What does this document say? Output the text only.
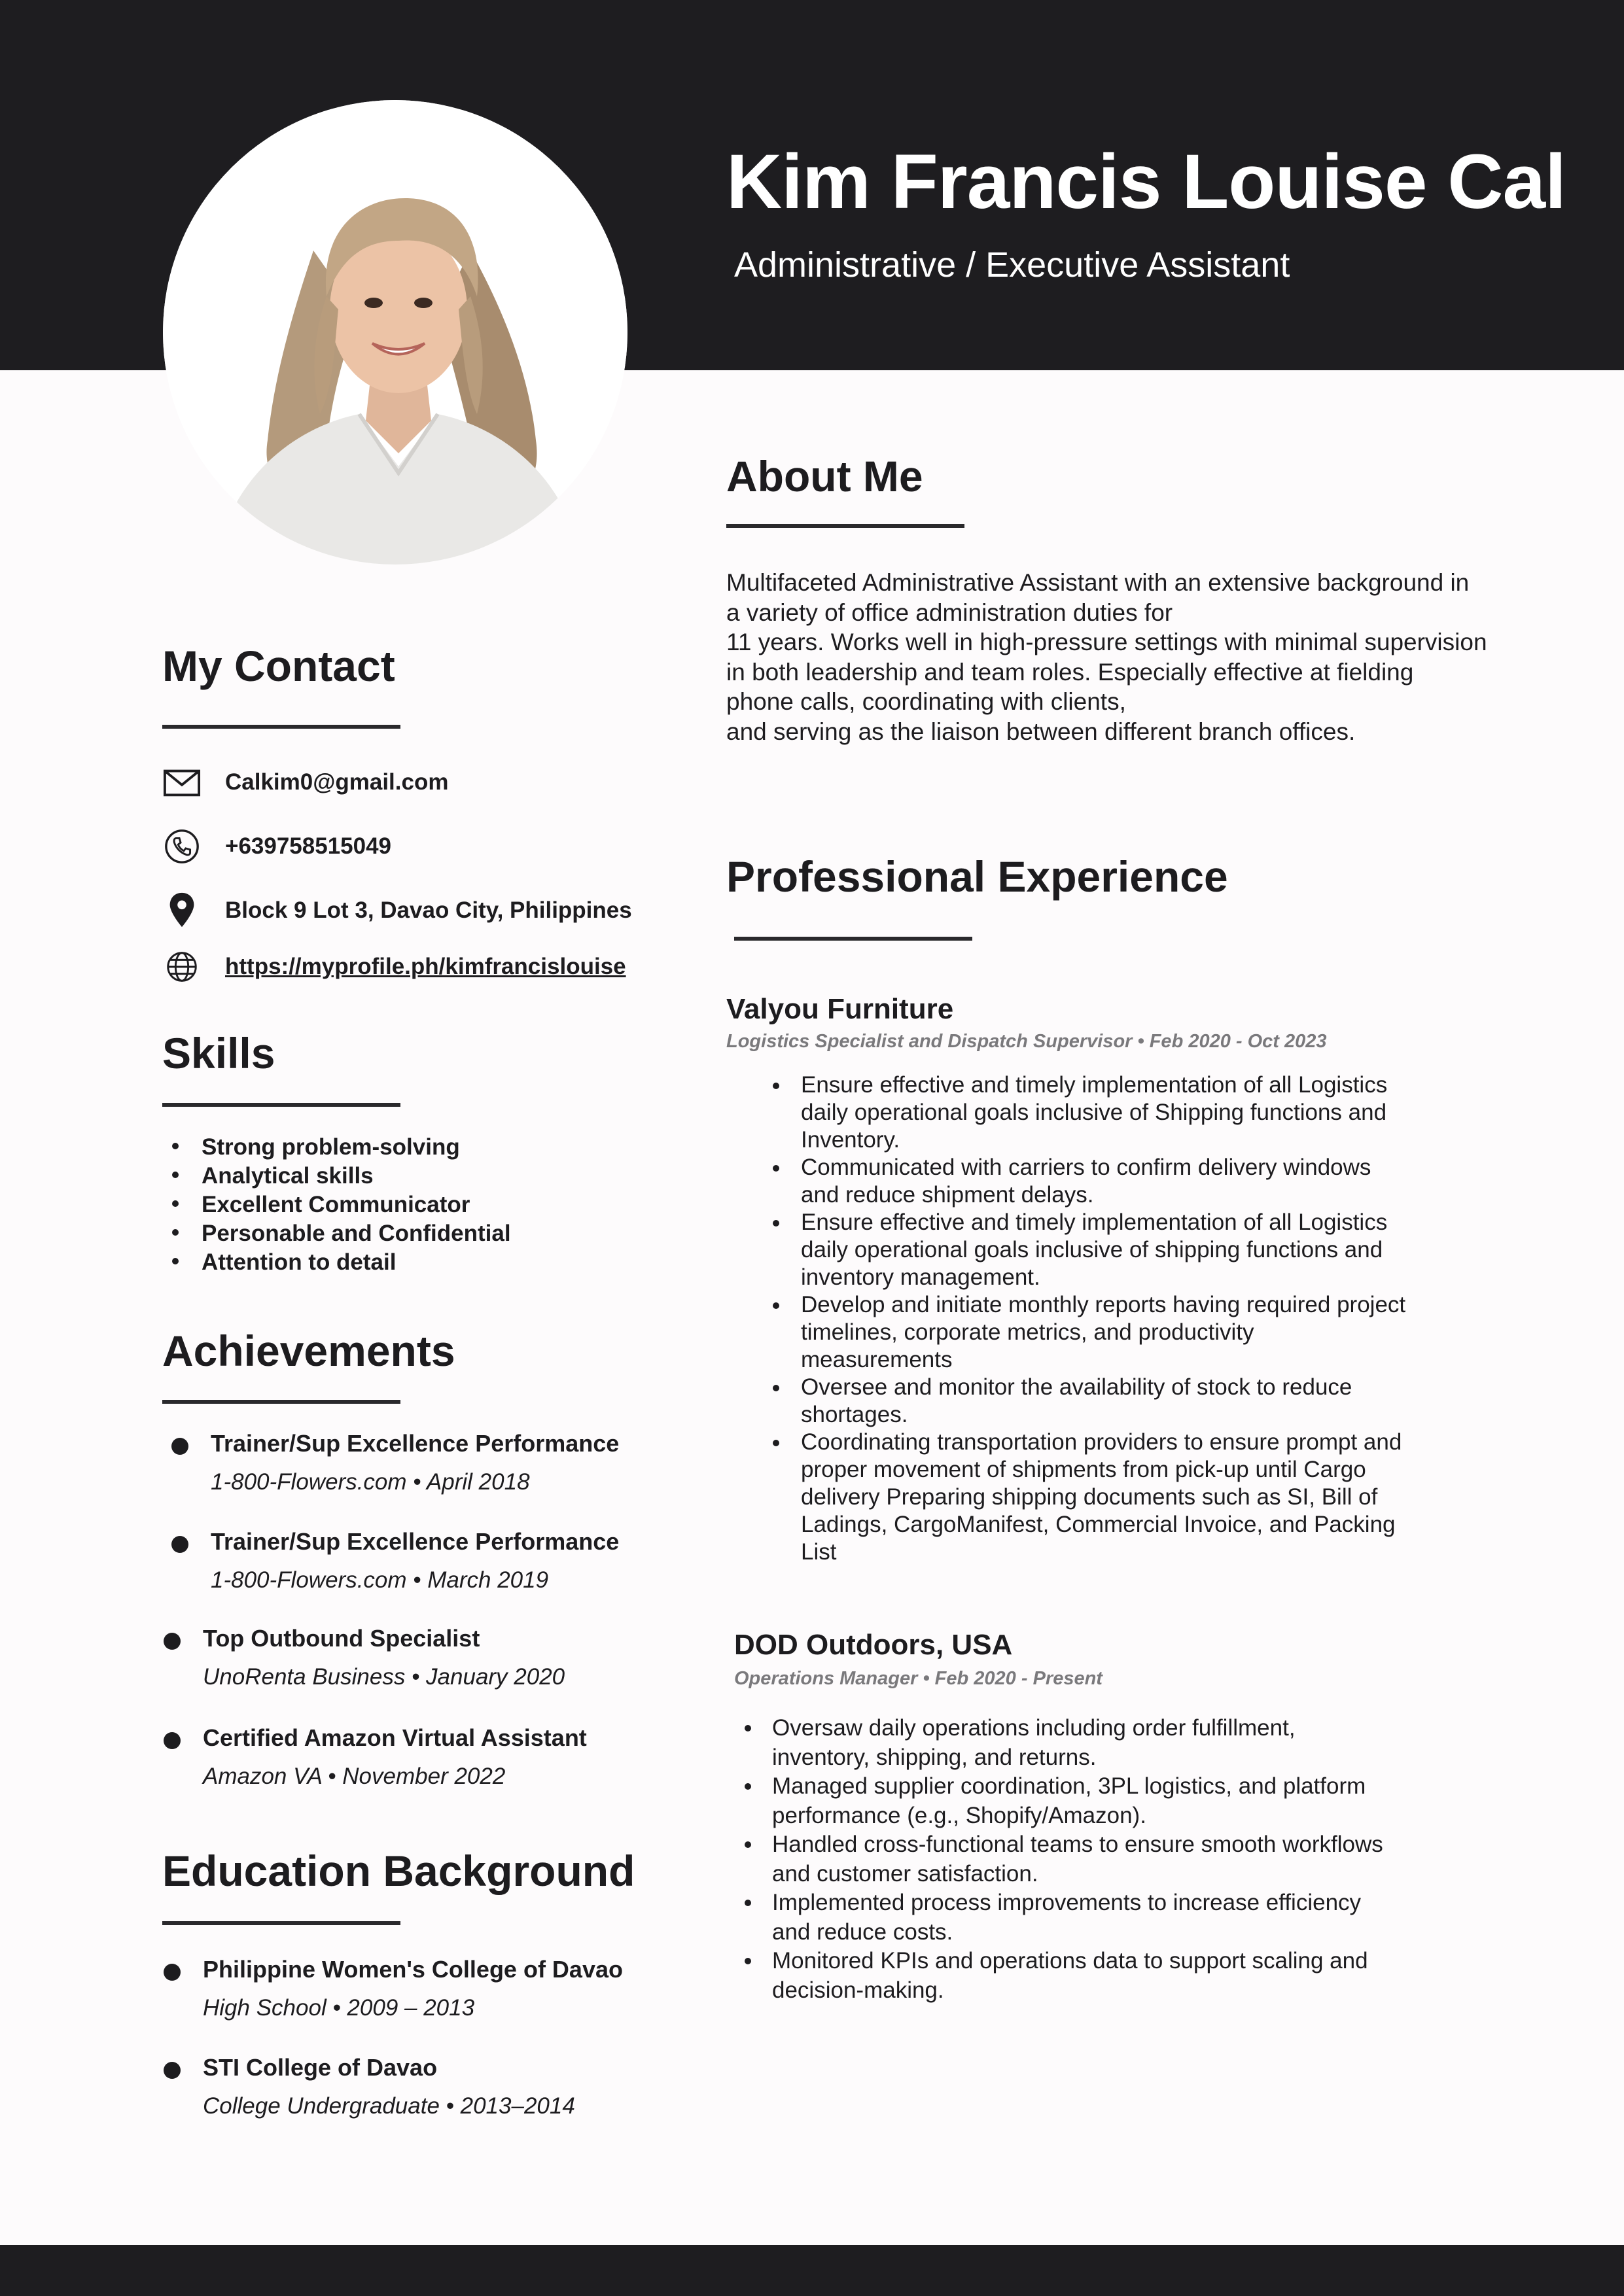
Kim Francis Louise Cal
Administrative / Executive Assistant
My Contact
Calkim0@gmail.com
+639758515049
Block 9 Lot 3, Davao City, Philippines
https://myprofile.ph/kimfrancislouise
Skills
Strong problem-solving
Analytical skills
Excellent Communicator
Personable and Confidential
Attention to detail
Achievements
Trainer/Sup Excellence Performance
1-800-Flowers.com • April 2018
Trainer/Sup Excellence Performance
1-800-Flowers.com • March 2019
Top Outbound Specialist
UnoRenta Business • January 2020
Certified Amazon Virtual Assistant
Amazon VA • November 2022
Education Background
Philippine Women's College of Davao
High School • 2009 – 2013
STI College of Davao
College Undergraduate • 2013–2014
About Me
Multifaceted Administrative Assistant with an extensive background in
a variety of office administration duties for
11 years. Works well in high-pressure settings with minimal supervision
in both leadership and team roles. Especially effective at fielding
phone calls, coordinating with clients,
and serving as the liaison between different branch offices.
Professional Experience
Valyou Furniture
Logistics Specialist and Dispatch Supervisor • Feb 2020 - Oct 2023
Ensure effective and timely implementation of all Logistics
daily operational goals inclusive of Shipping functions and
Inventory.
Communicated with carriers to confirm delivery windows
and reduce shipment delays.
Ensure effective and timely implementation of all Logistics
daily operational goals inclusive of shipping functions and
inventory management.
Develop and initiate monthly reports having required project
timelines, corporate metrics, and productivity
measurements
Oversee and monitor the availability of stock to reduce
shortages.
Coordinating transportation providers to ensure prompt and
proper movement of shipments from pick-up until Cargo
delivery Preparing shipping documents such as SI, Bill of
Ladings, CargoManifest, Commercial Invoice, and Packing
List
DOD Outdoors, USA
Operations Manager • Feb 2020 - Present
Oversaw daily operations including order fulfillment,
inventory, shipping, and returns.
Managed supplier coordination, 3PL logistics, and platform
performance (e.g., Shopify/Amazon).
Handled cross-functional teams to ensure smooth workflows
and customer satisfaction.
Implemented process improvements to increase efficiency
and reduce costs.
Monitored KPIs and operations data to support scaling and
decision-making.
